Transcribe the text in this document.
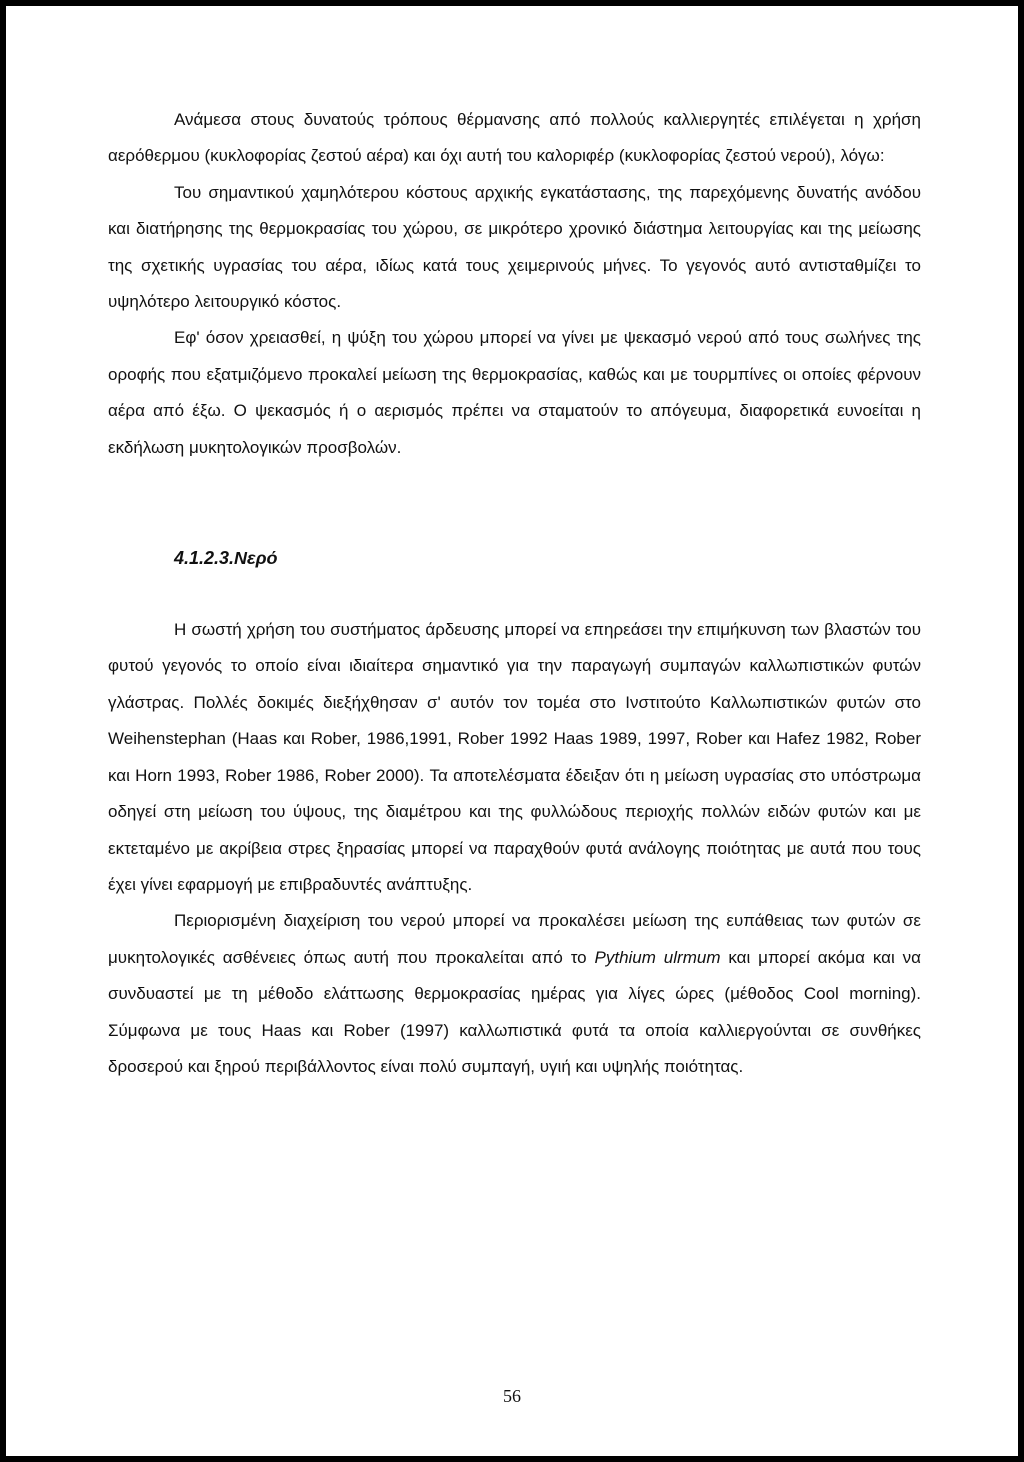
Ανάμεσα στους δυνατούς τρόπους θέρμανσης από πολλούς καλλιεργητές επιλέγεται η χρήση αερόθερμου (κυκλοφορίας ζεστού αέρα) και όχι αυτή του καλοριφέρ (κυκλοφορίας ζεστού νερού), λόγω:

Του σημαντικού χαμηλότερου κόστους αρχικής εγκατάστασης, της παρεχόμενης δυνατής ανόδου και διατήρησης της θερμοκρασίας του χώρου, σε μικρότερο χρονικό διάστημα λειτουργίας και της μείωσης της σχετικής υγρασίας του αέρα, ιδίως κατά τους χειμερινούς μήνες. Το γεγονός αυτό αντισταθμίζει το υψηλότερο λειτουργικό κόστος.

Εφ' όσον χρειασθεί, η ψύξη του χώρου μπορεί να γίνει με ψεκασμό νερού από τους σωλήνες της οροφής που εξατμιζόμενο προκαλεί μείωση της θερμοκρασίας, καθώς και με τουρμπίνες οι οποίες φέρνουν αέρα από έξω. Ο ψεκασμός ή ο αερισμός πρέπει να σταματούν το απόγευμα, διαφορετικά ευνοείται η εκδήλωση μυκητολογικών προσβολών.

4.1.2.3.Νερό

Η σωστή χρήση του συστήματος άρδευσης μπορεί να επηρεάσει την επιμήκυνση των βλαστών του φυτού γεγονός το οποίο είναι ιδιαίτερα σημαντικό για την παραγωγή συμπαγών καλλωπιστικών φυτών γλάστρας. Πολλές δοκιμές διεξήχθησαν σ' αυτόν τον τομέα στο Ινστιτούτο Καλλωπιστικών φυτών στο Weihenstephan (Haas και Rober, 1986,1991, Rober 1992 Haas 1989, 1997, Rober και Hafez 1982, Rober και Horn 1993, Rober 1986, Rober 2000). Τα αποτελέσματα έδειξαν ότι η μείωση υγρασίας στο υπόστρωμα οδηγεί στη μείωση του ύψους, της διαμέτρου και της φυλλώδους περιοχής πολλών ειδών φυτών και με εκτεταμένο με ακρίβεια στρες ξηρασίας μπορεί να παραχθούν φυτά ανάλογης ποιότητας με αυτά που τους έχει γίνει εφαρμογή με επιβραδυντές ανάπτυξης.

Περιορισμένη διαχείριση του νερού μπορεί να προκαλέσει μείωση της ευπάθειας των φυτών σε μυκητολογικές ασθένειες όπως αυτή που προκαλείται από το Pythium ulrmum και μπορεί ακόμα και να συνδυαστεί με τη μέθοδο ελάττωσης θερμοκρασίας ημέρας για λίγες ώρες (μέθοδος Cool morning). Σύμφωνα με τους Haas και Rober (1997) καλλωπιστικά φυτά τα οποία καλλιεργούνται σε συνθήκες δροσερού και ξηρού περιβάλλοντος είναι πολύ συμπαγή, υγιή και υψηλής ποιότητας.

56
